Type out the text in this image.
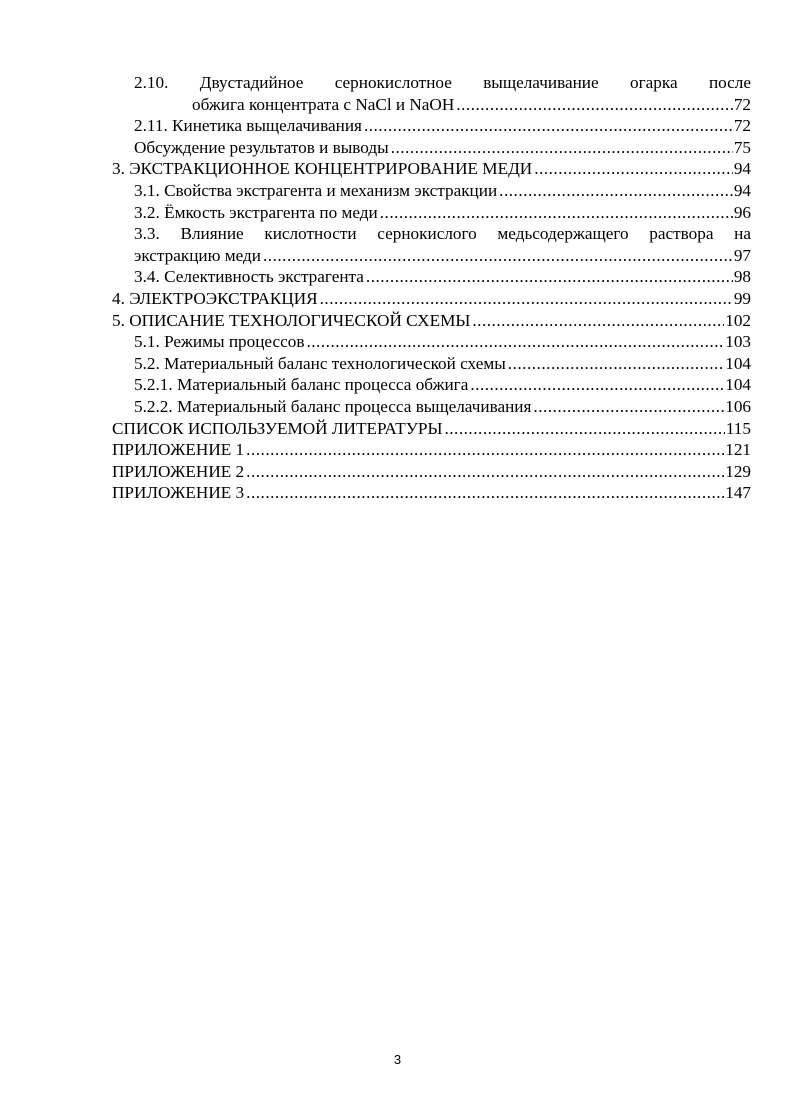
2.10. Двустадийное сернокислотное выщелачивание огарка после
обжига концентрата с NaCl и NaOH .....	72
2.11. Кинетика выщелачивания .....	72
Обсуждение результатов и выводы .....	75
3. ЭКСТРАКЦИОННОЕ КОНЦЕНТРИРОВАНИЕ МЕДИ .....	94
3.1. Свойства экстрагента и механизм экстракции .....	94
3.2. Ёмкость экстрагента по меди .....	96
3.3. Влияние кислотности сернокислого медьсодержащего раствора на
экстракцию меди .....	97
3.4. Селективность экстрагента .....	98
4. ЭЛЕКТРОЭКСТРАКЦИЯ .....	99
5. ОПИСАНИЕ ТЕХНОЛОГИЧЕСКОЙ СХЕМЫ .....	102
5.1. Режимы процессов .....	103
5.2. Материальный баланс технологической схемы .....	104
5.2.1. Материальный баланс процесса обжига .....	104
5.2.2. Материальный баланс процесса выщелачивания .....	106
СПИСОК ИСПОЛЬЗУЕМОЙ ЛИТЕРАТУРЫ .....	115
ПРИЛОЖЕНИЕ 1 .....	121
ПРИЛОЖЕНИЕ 2 .....	129
ПРИЛОЖЕНИЕ 3 .....	147
3
